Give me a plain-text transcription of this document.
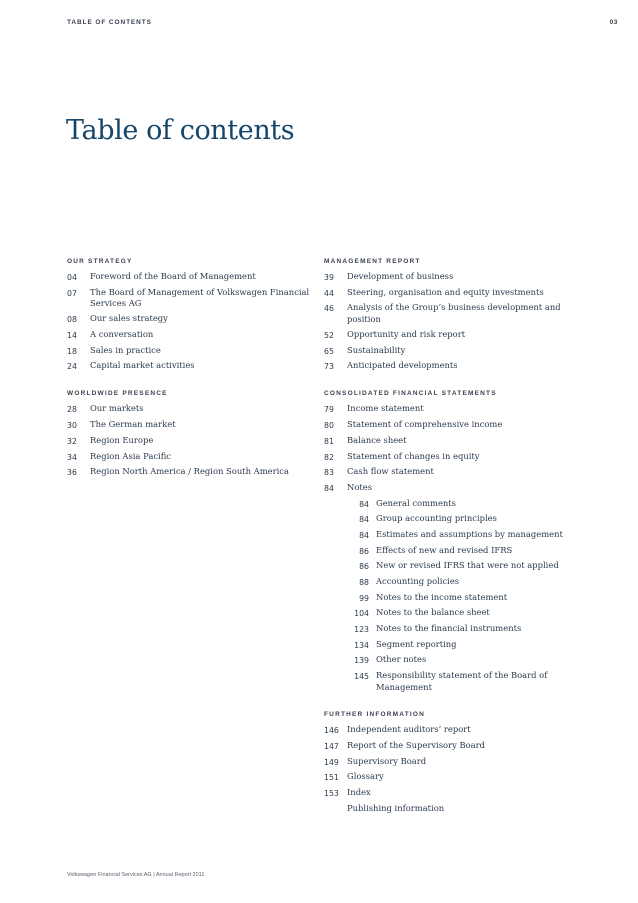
TABLE OF CONTENTS	03
Table of contents
OUR STRATEGY
04	Foreword of the Board of Management
07	The Board of Management of Volkswagen Financial Services AG
08	Our sales strategy
14	A conversation
18	Sales in practice
24	Capital market activities
WORLDWIDE PRESENCE
28	Our markets
30	The German market
32	Region Europe
34	Region Asia Pacific
36	Region North America / Region South America
MANAGEMENT REPORT
39	Development of business
44	Steering, organisation and equity investments
46	Analysis of the Group’s business development and position
52	Opportunity and risk report
65	Sustainability
73	Anticipated developments
CONSOLIDATED FINANCIAL STATEMENTS
79	Income statement
80	Statement of comprehensive income
81	Balance sheet
82	Statement of changes in equity
83	Cash flow statement
84	Notes
84 General comments
84 Group accounting principles
84 Estimates and assumptions by management
86 Effects of new and revised IFRS
86 New or revised IFRS that were not applied
88 Accounting policies
99 Notes to the income statement
104 Notes to the balance sheet
123 Notes to the financial instruments
134 Segment reporting
139 Other notes
145 Responsibility statement of the Board of Management
FURTHER INFORMATION
146 Independent auditors’ report
147 Report of the Supervisory Board
149 Supervisory Board
151 Glossary
153 Index
Publishing information
Volkswagen Financial Services AG | Annual Report 2011
